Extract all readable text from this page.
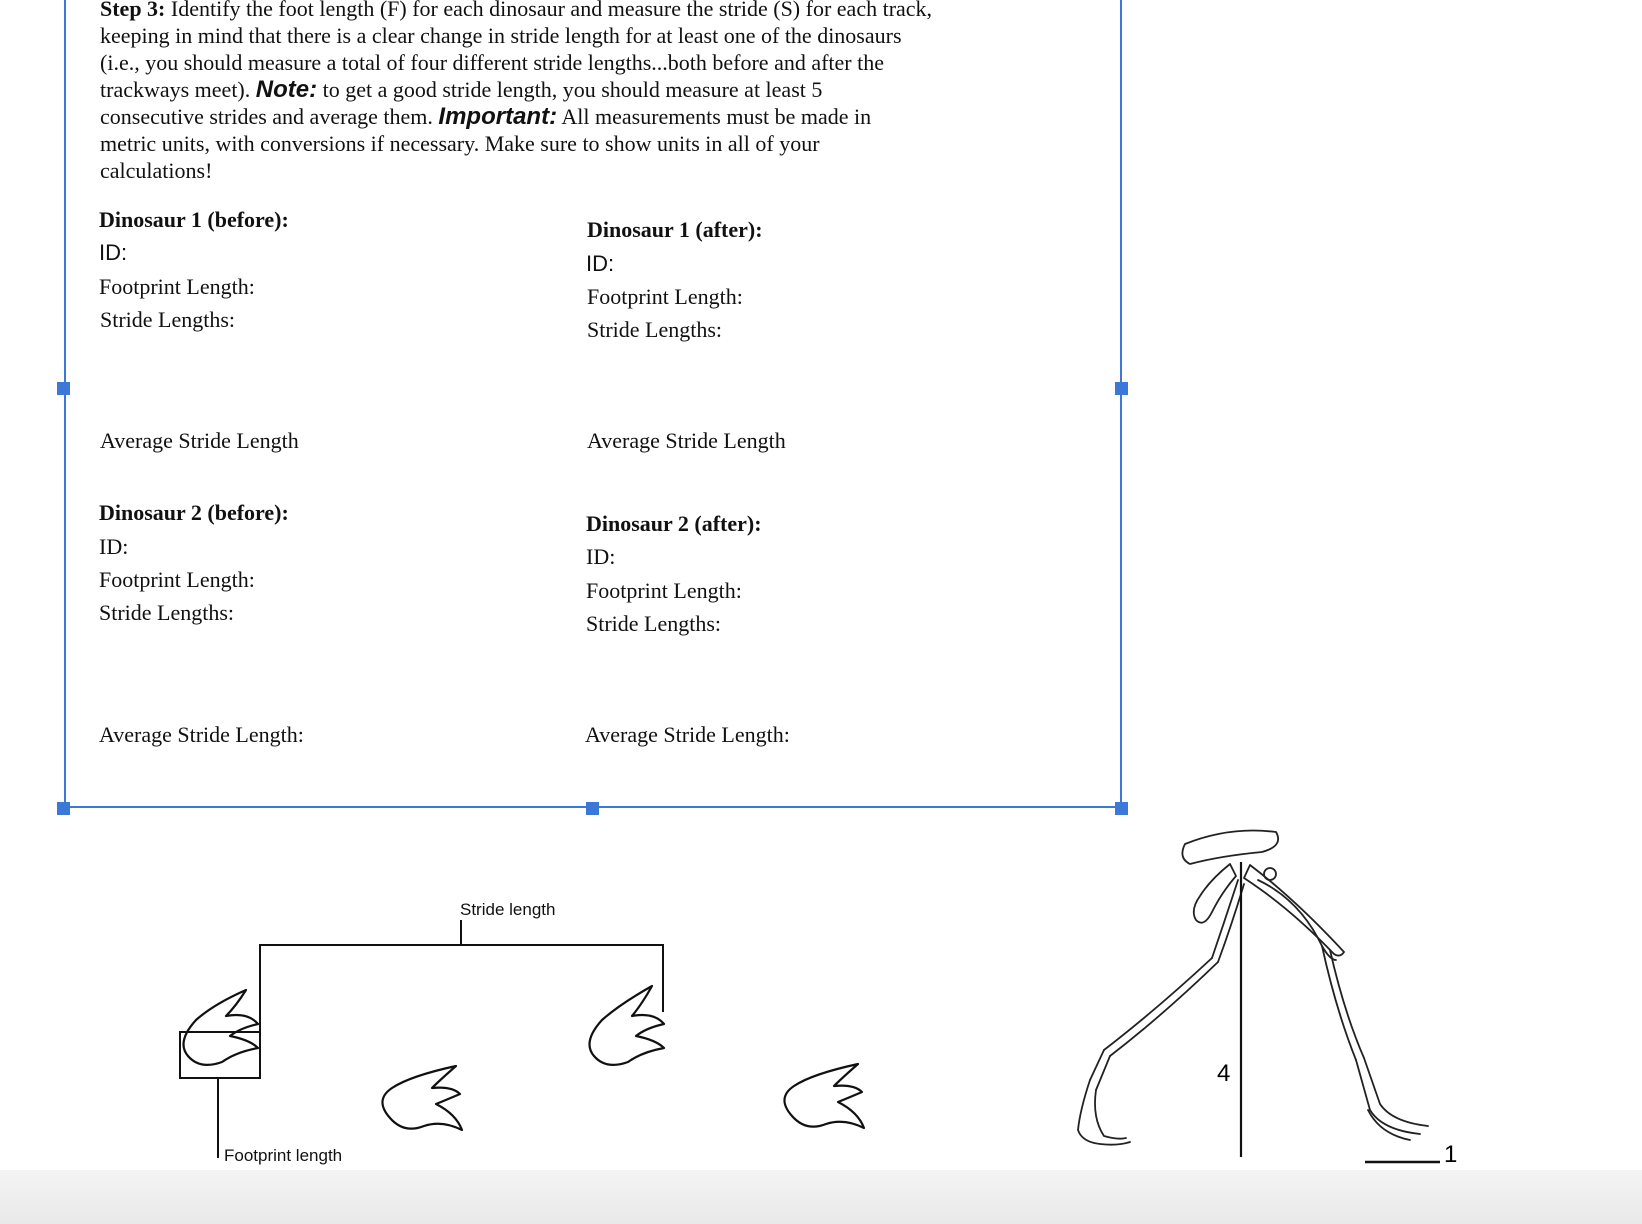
Step 3: Identify the foot length (F) for each dinosaur and measure the stride (S) for each track,

keeping in mind that there is a clear change in stride length for at least one of the dinosaurs

(i.e., you should measure a total of four different stride lengths...both before and after the

trackways meet). Note: to get a good stride length, you should measure at least 5

consecutive strides and average them. Important: All measurements must be made in

metric units, with conversions if necessary. Make sure to show units in all of your

calculations!

Dinosaur 1 (before):
ID:
Footprint Length:
Stride Lengths:
Average Stride Length
Dinosaur 1 (after):
ID:
Footprint Length:
Stride Lengths:
Average Stride Length
Dinosaur 2 (before):
ID:
Footprint Length:
Stride Lengths:
Average Stride Length:
Dinosaur 2 (after):
ID:
Footprint Length:
Stride Lengths:
Average Stride Length:
Stride length
Footprint length
4
1
